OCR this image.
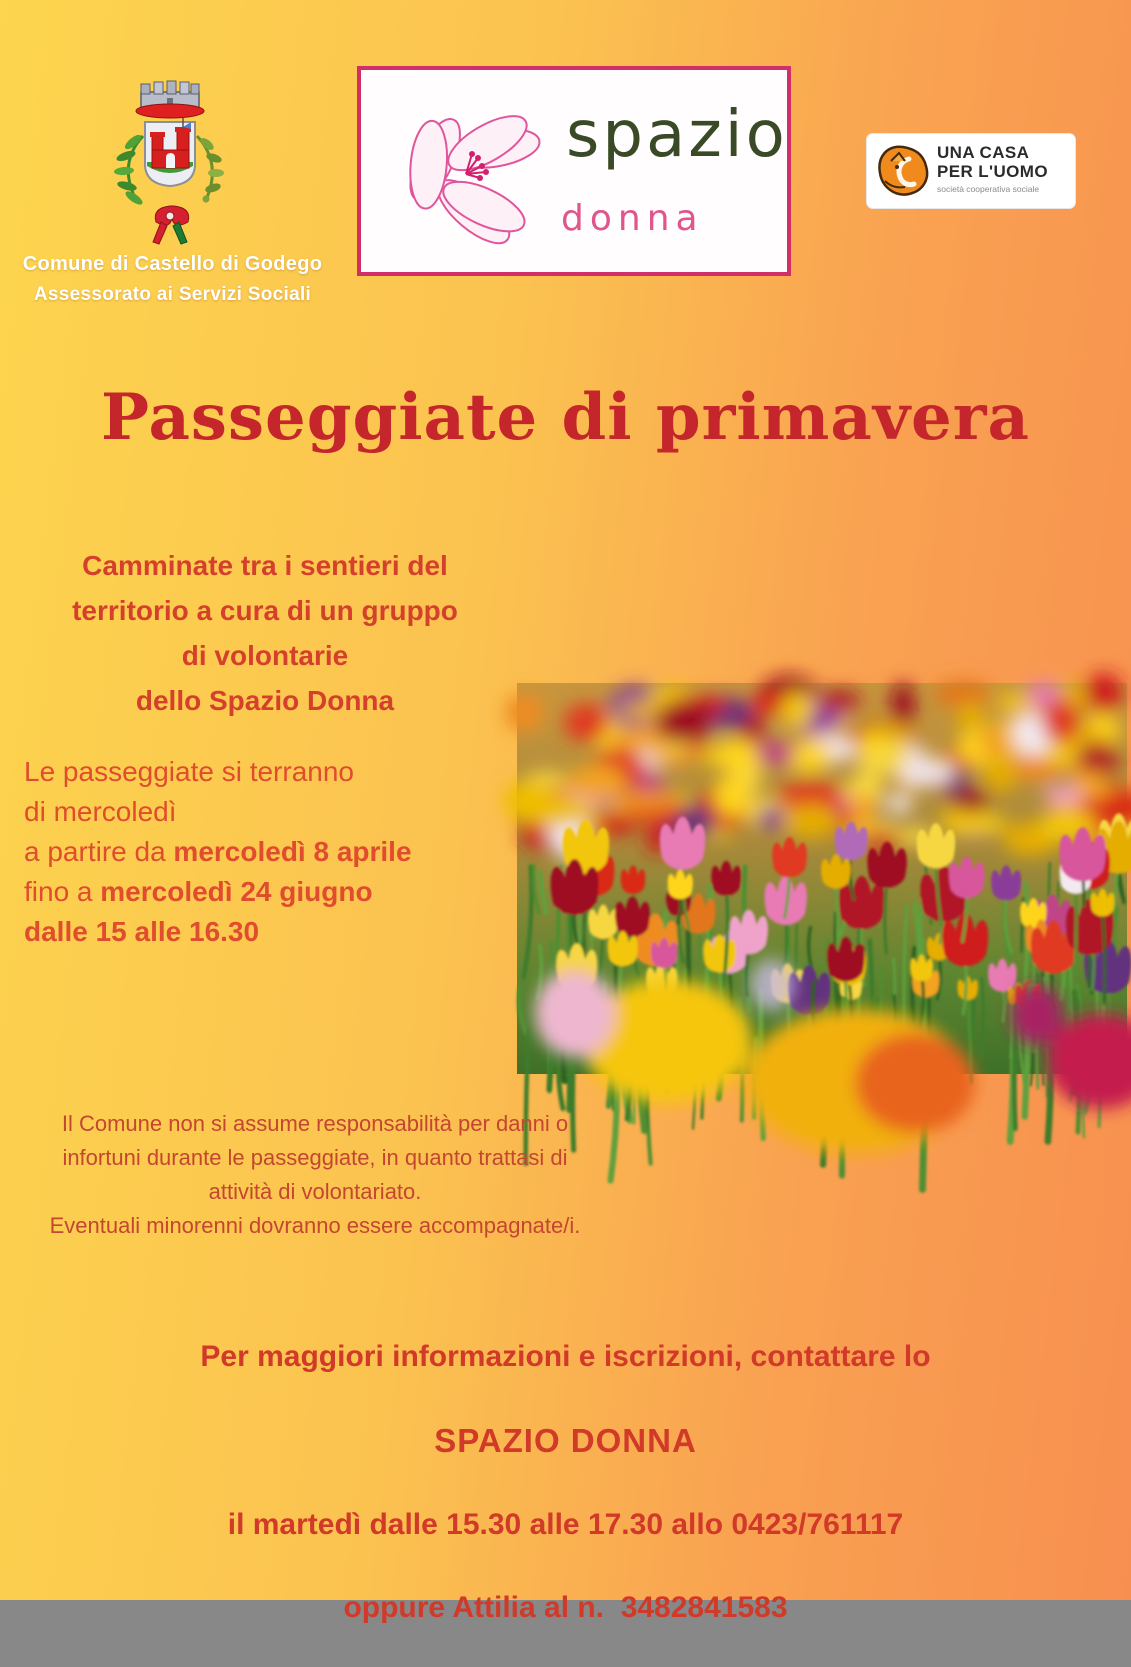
Comune di Castello di Godego
Assessorato ai Servizi Sociali
spazio
donna
UNA CASA
PER L'UOMO
società cooperativa sociale
Passeggiate di primavera
Camminate tra i sentieri del
territorio a cura di un gruppo
di volontarie
dello Spazio Donna
Le passeggiate si terranno
di mercoledì
a partire da mercoledì 8 aprile
fino a mercoledì 24 giugno
dalle 15 alle 16.30
Il Comune non si assume responsabilità per danni o
infortuni durante le passeggiate, in quanto trattasi di
attività di volontariato.
Eventuali minorenni dovranno essere accompagnate/i.

Per maggiori informazioni e iscrizioni, contattare lo

SPAZIO DONNA

il martedì dalle 15.30 alle 17.30 allo 0423/761117

oppure Attilia al n.  3482841583
